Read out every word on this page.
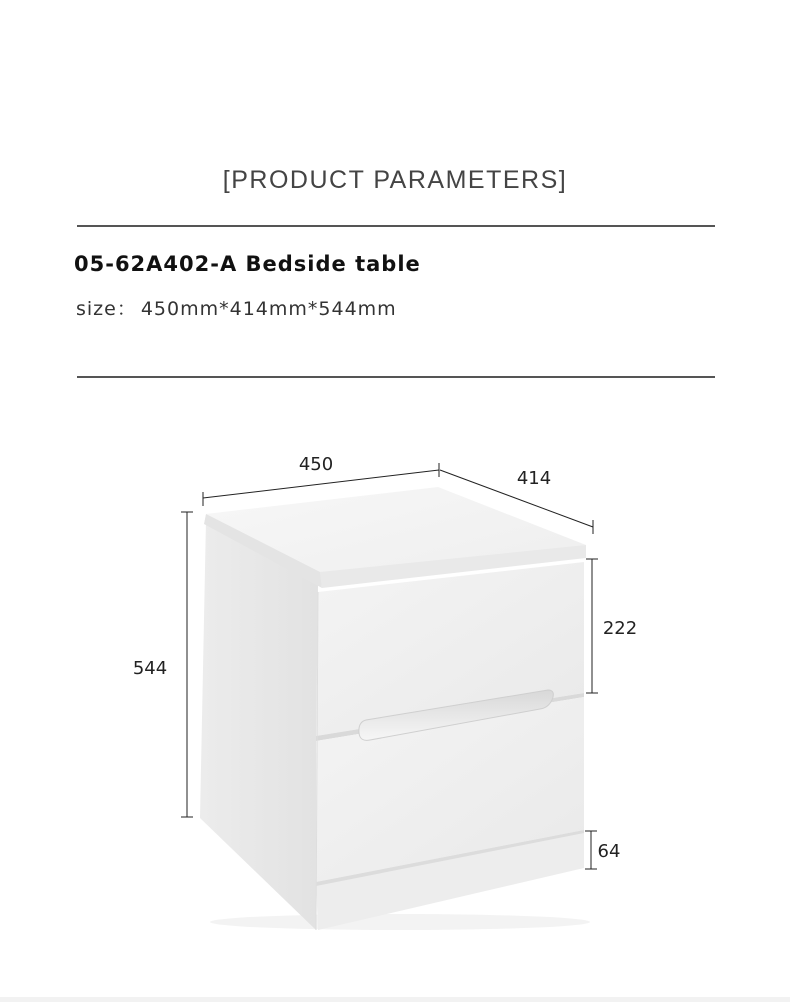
[PRODUCT PARAMETERS]
05-62A402-A Bedside table
size： 450mm*414mm*544mm
450
414
544
222
64
